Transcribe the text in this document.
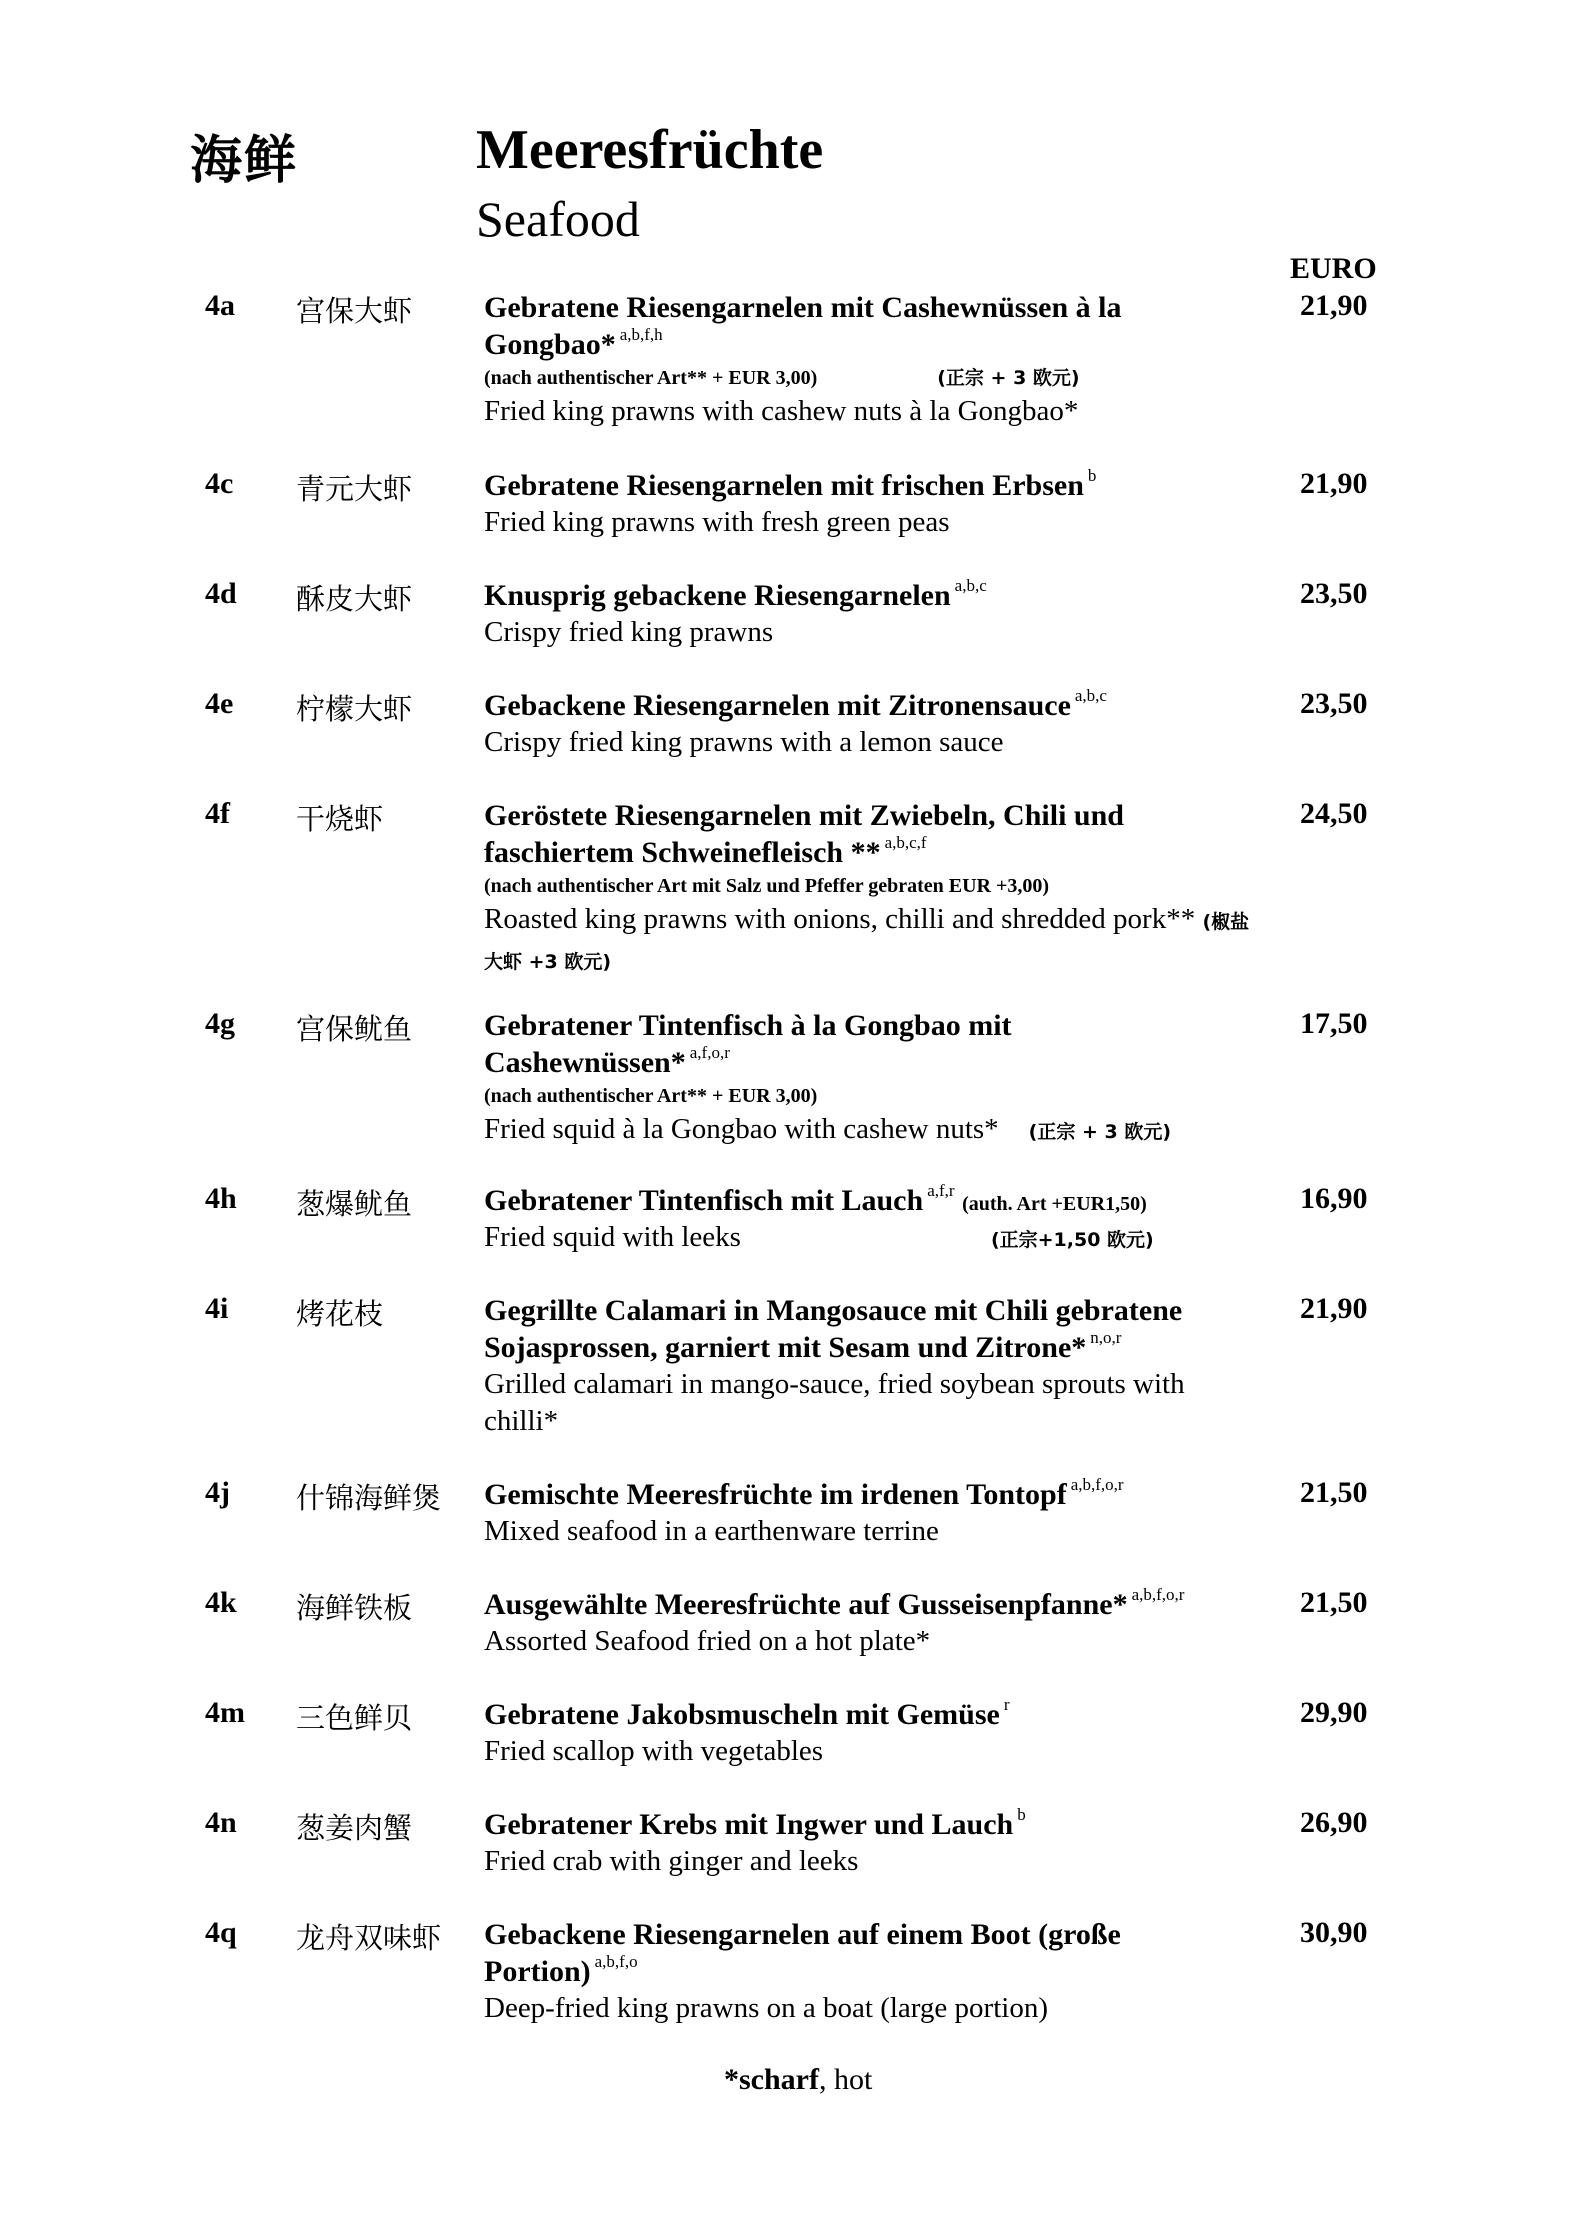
海鲜	Meeresfrüchte
Seafood
EURO
4a 宫保大虾 Gebratene Riesengarnelen mit Cashewnüssen à la Gongbao* $^{a,b,f,h}$
(nach authentischer Art** + EUR 3,00)	(正宗 + 3 欧元)
Fried king prawns with cashew nuts à la Gongbao*
21,90
4c 青元大虾 Gebratene Riesengarnelen mit frischen Erbsen $^b$
Fried king prawns with fresh green peas
21,90
4d 酥皮大虾 Knusprig gebackene Riesengarnelen $^{a,b,c}$
Crispy fried king prawns
23,50
4e 柠檬大虾 Gebackene Riesengarnelen mit Zitronensauce $^{a,b,c}$
Crispy fried king prawns with a lemon sauce
23,50
4f 干烧虾	Geröstete Riesengarnelen mit Zwiebeln, Chili und faschiertem Schweinefleisch ** $^{a,b,c,f}$
(nach authentischer Art mit Salz und Pfeffer gebraten EUR +3,00)
Roasted king prawns with onions, chilli and shredded pork** (椒盐大虾 +3 欧元)
24,50
4g 宫保鱿鱼 Gebratener Tintenfisch à la Gongbao mit Cashewnüssen* $^{a,f,o,r}$
(nach authentischer Art** + EUR 3,00)
Fried squid à la Gongbao with cashew nuts* (正宗 + 3 欧元)
17,50
4h 葱爆鱿鱼 Gebratener Tintenfisch mit Lauch $^{a,f,r}$ (auth. Art +EUR1,50)
Fried squid with leeks	(正宗+1,50 欧元)
16,90
4i 烤花枝	Gegrillte Calamari in Mangosauce mit Chili gebratene Sojasprossen, garniert mit Sesam und Zitrone* $^{n,o,r}$
Grilled calamari in mango-sauce, fried soybean sprouts with chilli*
21,90
4j 什锦海鲜煲 Gemischte Meeresfrüchte im irdenen Tontopf $^{a,b,f,o,r}$
Mixed seafood in a earthenware terrine
21,50
4k 海鲜铁板 Ausgewählte Meeresfrüchte auf Gusseisenpfanne* $^{a,b,f,o,r}$
Assorted Seafood fried on a hot plate*
21,50
4m 三色鲜贝 Gebratene Jakobsmuscheln mit Gemüse $^r$
Fried scallop with vegetables
29,90
4n 葱姜肉蟹 Gebratener Krebs mit Ingwer und Lauch $^b$
Fried crab with ginger and leeks
26,90
4q 龙舟双味虾 Gebackene Riesengarnelen auf einem Boot (große Portion) $^{a,b,f,o}$
Deep-fried king prawns on a boat (large portion)
30,90
*scharf, hot
